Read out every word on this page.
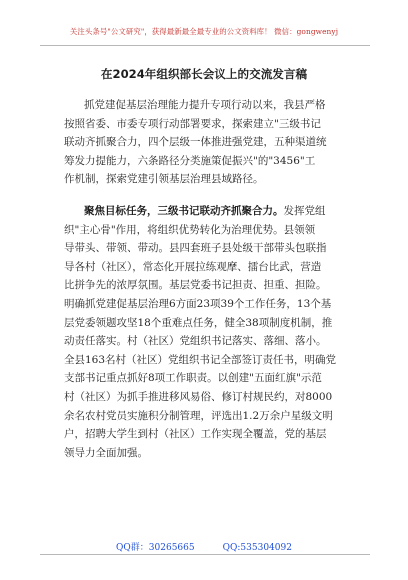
关注头条号"公文研究"，获得最新最全最专业的公文资料库！ 微信：gongwenyj
在2024年组织部长会议上的交流发言稿
抓党建促基层治理能力提升专项行动以来，我县严格
按照省委、市委专项行动部署要求，探索建立"三级书记
联动齐抓聚合力，四个层级一体推进强党建，五种渠道统
筹发力提能力，六条路径分类施策促振兴"的"3456"工
作机制，探索党建引领基层治理县域路径。
聚焦目标任务，三级书记联动齐抓聚合力。发挥党组
织"主心骨"作用，将组织优势转化为治理优势。县领领
导带头、带领、带动。县四套班子县处级干部带头包联指
导各村（社区），常态化开展拉练观摩、擂台比武，营造
比拼争先的浓厚氛围。基层党委书记担责、担重、担险。
明确抓党建促基层治理6方面23项39个工作任务，13个基
层党委领题攻坚18个重难点任务，健全38项制度机制，推
动责任落实。村（社区）党组织书记落实、落细、落小。
全县163名村（社区）党组织书记全部签订责任书，明确党
支部书记重点抓好8项工作职责。以创建"五面红旗"示范
村（社区）为抓手推进移风易俗、修订村规民约，对8000
余名农村党员实施积分制管理，评选出1.2万余户星级文明
户，招聘大学生到村（社区）工作实现全覆盖，党的基层
领导力全面加强。
QQ群：30265665	QQ:535304092
